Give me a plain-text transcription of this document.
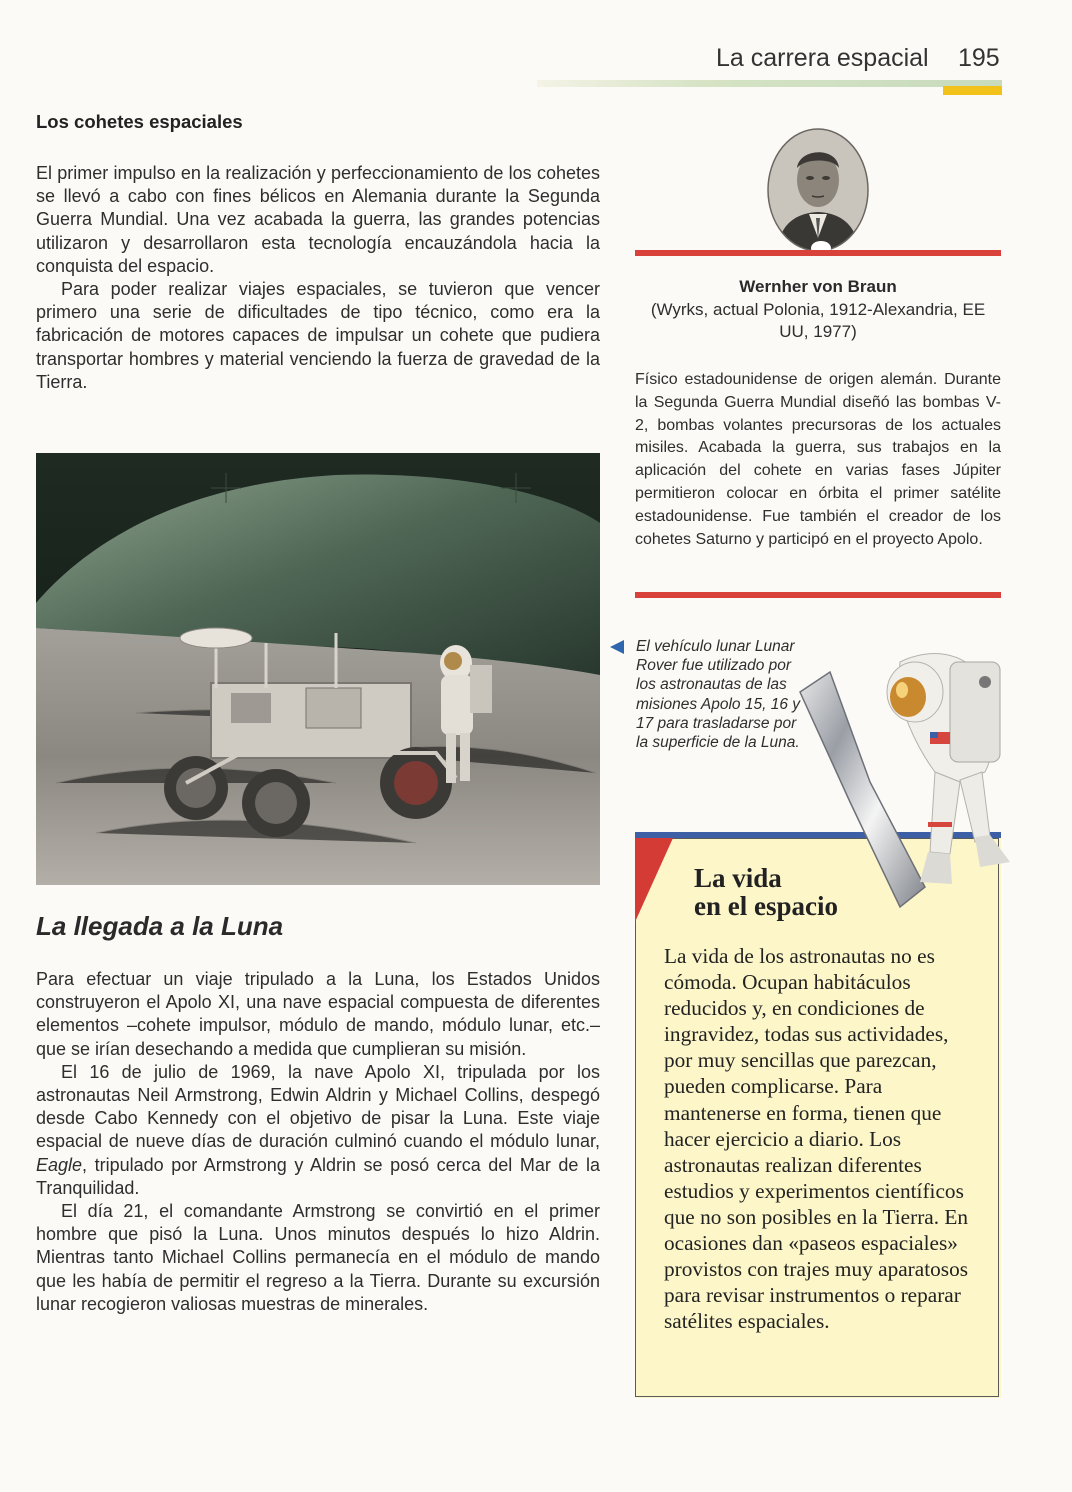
La carrera espacial 195
Los cohetes espaciales

El primer impulso en la realización y perfeccionamiento de los cohetes se llevó a cabo con fines bélicos en Alemania durante la Segunda Guerra Mundial. Una vez acabada la guerra, las grandes potencias utilizaron y desarrollaron esta tecnología encauzándola hacia la conquista del espacio.

Para poder realizar viajes espaciales, se tuvieron que vencer primero una serie de dificultades de tipo técnico, como era la fabricación de motores capaces de impulsar un cohete que pudiera transportar hombres y material venciendo la fuerza de gravedad de la Tierra.

La llegada a la Luna

Para efectuar un viaje tripulado a la Luna, los Estados Unidos construyeron el Apolo XI, una nave espacial compuesta de diferentes elementos –cohete impulsor, módulo de mando, módulo lunar, etc.– que se irían desechando a medida que cumplieran su misión.

El 16 de julio de 1969, la nave Apolo XI, tripulada por los astronautas Neil Armstrong, Edwin Aldrin y Michael Collins, despegó desde Cabo Kennedy con el objetivo de pisar la Luna. Este viaje espacial de nueve días de duración culminó cuando el módulo lunar, Eagle, tripulado por Armstrong y Aldrin se posó cerca del Mar de la Tranquilidad.

El día 21, el comandante Armstrong se convirtió en el primer hombre que pisó la Luna. Unos minutos después lo hizo Aldrin. Mientras tanto Michael Collins permanecía en el módulo de mando que les había de permitir el regreso a la Tierra. Durante su excursión lunar recogieron valiosas muestras de minerales.

Wernher von Braun
(Wyrks, actual Polonia, 1912-Alexandria, EE UU, 1977)
Físico estadounidense de origen alemán. Durante la Segunda Guerra Mundial diseñó las bombas V-2, bombas volantes precursoras de los actuales misiles. Acabada la guerra, sus trabajos en la aplicación del cohete en varias fases Júpiter permitieron colocar en órbita el primer satélite estadounidense. Fue también el creador de los cohetes Saturno y participó en el proyecto Apolo.
El vehículo lunar Lunar Rover fue utilizado por los astronautas de las misiones Apolo 15, 16 y 17 para trasladarse por la superficie de la Luna.
La vida
en el espacio
La vida de los astronautas no es cómoda. Ocupan habitáculos reducidos y, en condiciones de ingravidez, todas sus actividades, por muy sencillas que parezcan, pueden complicarse. Para mantenerse en forma, tienen que hacer ejercicio a diario. Los astronautas realizan diferentes estudios y experimentos científicos que no son posibles en la Tierra. En ocasiones dan «paseos espaciales» provistos con trajes muy aparatosos para revisar instrumentos o reparar satélites espaciales.
